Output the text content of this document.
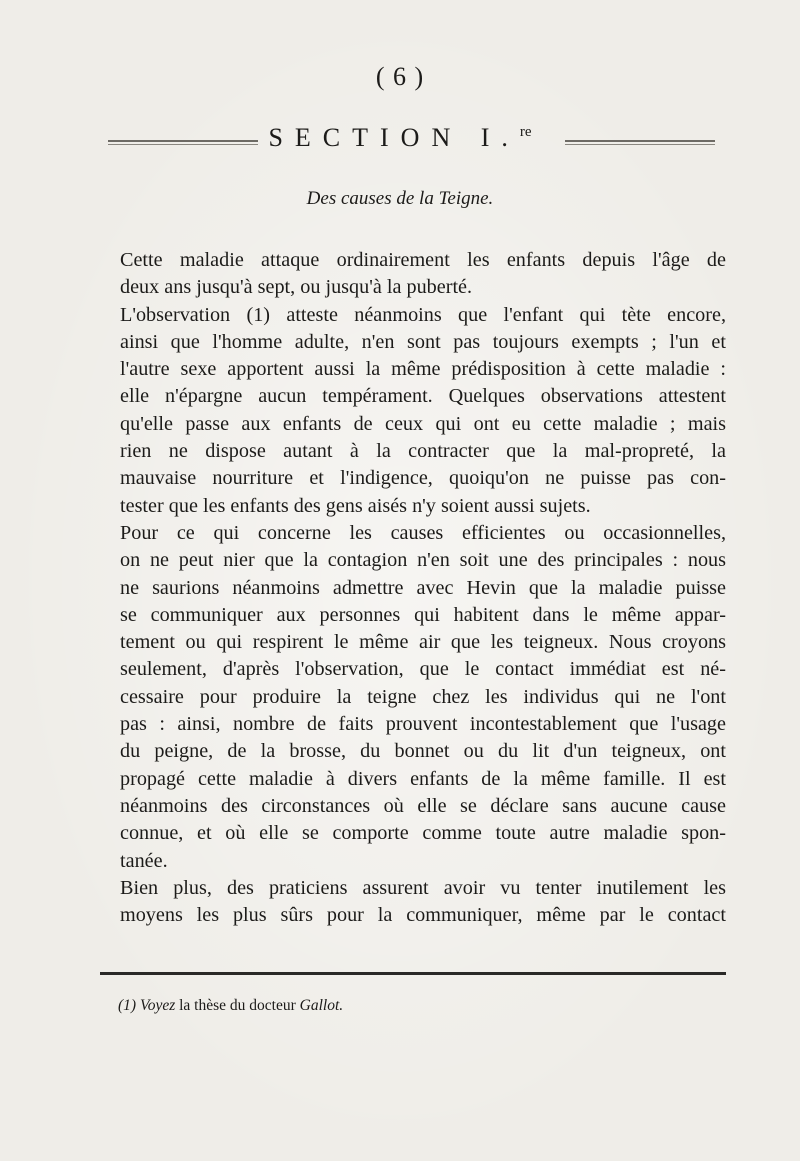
( 6 )
SECTION I.$^{re}$
Des causes de la Teigne.

Cette maladie attaque ordinairement les enfants depuis l'âge de
deux ans jusqu'à sept, ou jusqu'à la puberté.

L'observation (1) atteste néanmoins que l'enfant qui tète encore,
ainsi que l'homme adulte, n'en sont pas toujours exempts ; l'un et
l'autre sexe apportent aussi la même prédisposition à cette maladie :
elle n'épargne aucun tempérament. Quelques observations attestent
qu'elle passe aux enfants de ceux qui ont eu cette maladie ; mais
rien ne dispose autant à la contracter que la mal-propreté, la
mauvaise nourriture et l'indigence, quoiqu'on ne puisse pas con-
tester que les enfants des gens aisés n'y soient aussi sujets.

Pour ce qui concerne les causes efficientes ou occasionnelles,
on ne peut nier que la contagion n'en soit une des principales : nous
ne saurions néanmoins admettre avec Hevin que la maladie puisse
se communiquer aux personnes qui habitent dans le même appar-
tement ou qui respirent le même air que les teigneux. Nous croyons
seulement, d'après l'observation, que le contact immédiat est né-
cessaire pour produire la teigne chez les individus qui ne l'ont
pas : ainsi, nombre de faits prouvent incontestablement que l'usage
du peigne, de la brosse, du bonnet ou du lit d'un teigneux, ont
propagé cette maladie à divers enfants de la même famille. Il est
néanmoins des circonstances où elle se déclare sans aucune cause
connue, et où elle se comporte comme toute autre maladie spon-
tanée.

Bien plus, des praticiens assurent avoir vu tenter inutilement les
moyens les plus sûrs pour la communiquer, même par le contact

(1) Voyez la thèse du docteur Gallot.
